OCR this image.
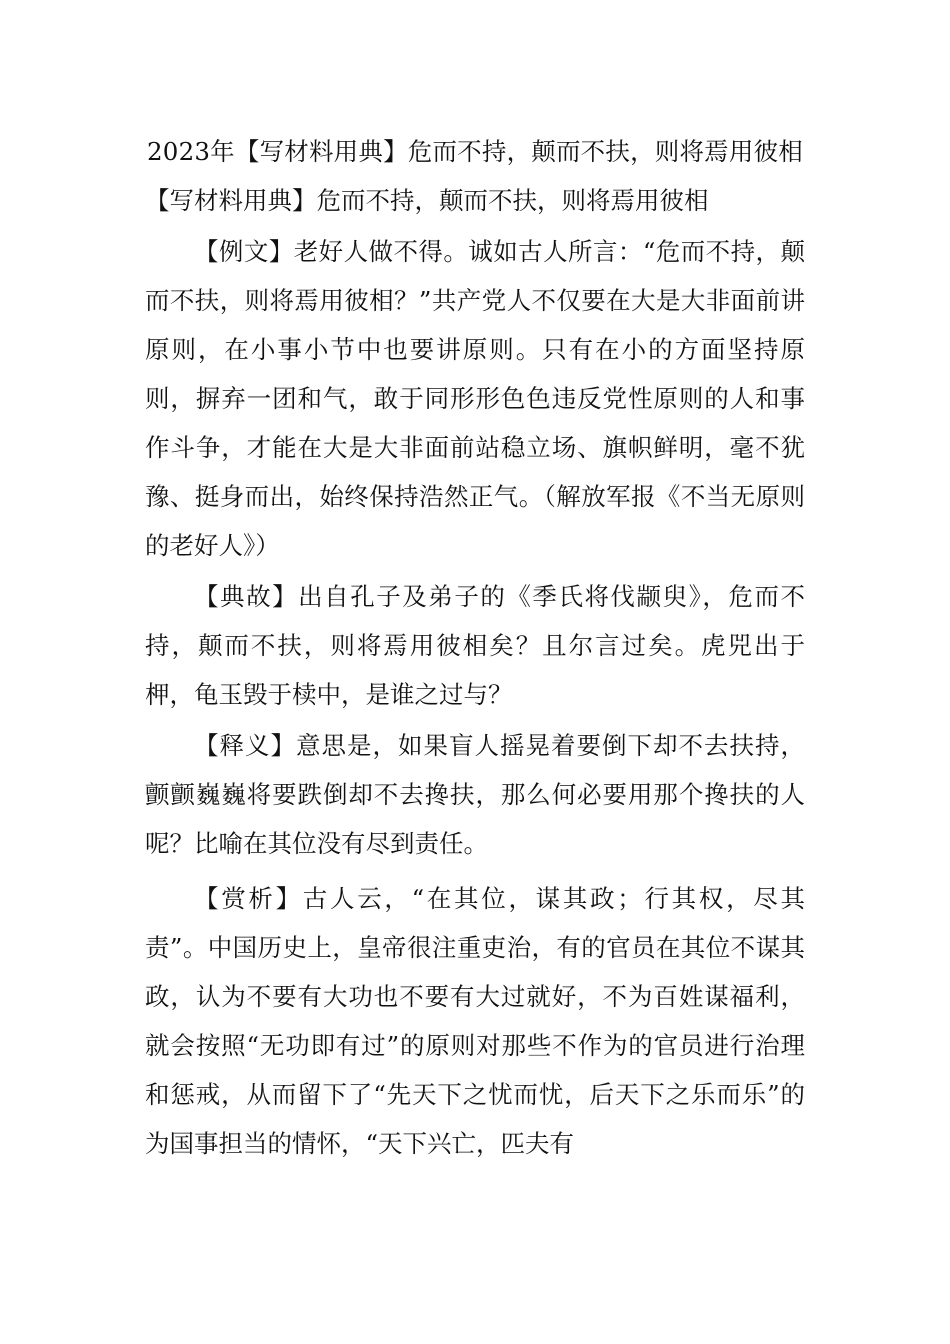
2023年【写材料用典】危而不持，颠而不扶，则将焉用彼相

【写材料用典】危而不持，颠而不扶，则将焉用彼相

【例文】老好人做不得。诚如古人所言：“危而不持，颠而不扶，则将焉用彼相？”共产党人不仅要在大是大非面前讲原则，在小事小节中也要讲原则。只有在小的方面坚持原则，摒弃一团和气，敢于同形形色色违反党性原则的人和事作斗争，才能在大是大非面前站稳立场、旗帜鲜明，毫不犹豫、挺身而出，始终保持浩然正气。（解放军报《不当无原则的老好人》）

【典故】出自孔子及弟子的《季氏将伐颛臾》，危而不持，颠而不扶，则将焉用彼相矣？且尔言过矣。虎兕出于柙，龟玉毁于椟中，是谁之过与？

【释义】意思是，如果盲人摇晃着要倒下却不去扶持，颤颤巍巍将要跌倒却不去搀扶，那么何必要用那个搀扶的人呢？比喻在其位没有尽到责任。

【赏析】古人云，“在其位，谋其政；行其权，尽其责”。中国历史上，皇帝很注重吏治，有的官员在其位不谋其政，认为不要有大功也不要有大过就好，不为百姓谋福利，就会按照“无功即有过”的原则对那些不作为的官员进行治理和惩戒，从而留下了“先天下之忧而忧，后天下之乐而乐”的为国事担当的情怀，“天下兴亡，匹夫有
